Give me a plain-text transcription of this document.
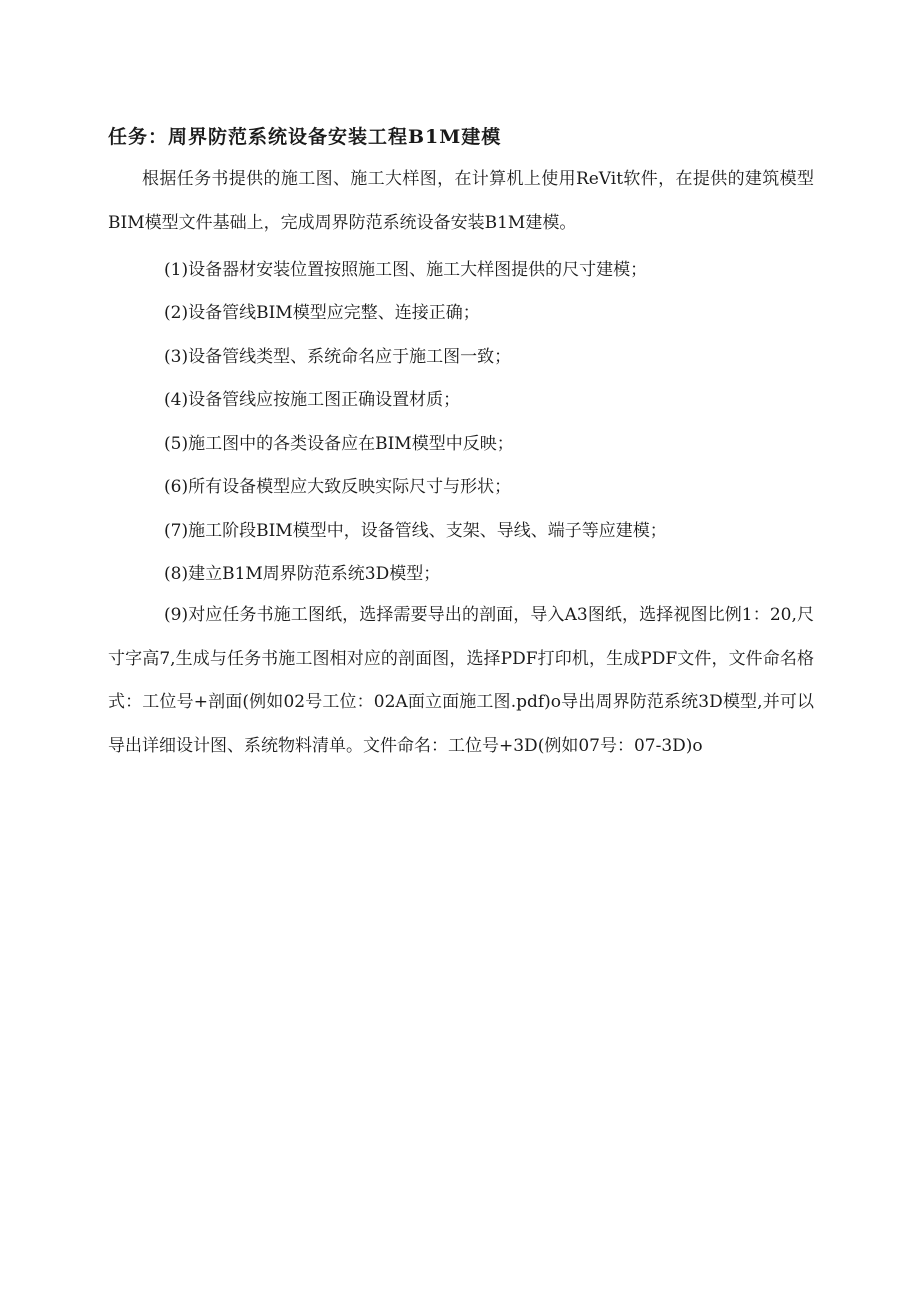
任务：周界防范系统设备安装工程B1M建模

根据任务书提供的施工图、施工大样图，在计算机上使用ReVit软件，在提供的建筑模型BIM模型文件基础上，完成周界防范系统设备安装B1M建模。

(1)设备器材安装位置按照施工图、施工大样图提供的尺寸建模；

(2)设备管线BIM模型应完整、连接正确；

(3)设备管线类型、系统命名应于施工图一致；

(4)设备管线应按施工图正确设置材质；

(5)施工图中的各类设备应在BIM模型中反映；

(6)所有设备模型应大致反映实际尺寸与形状；

(7)施工阶段BIM模型中，设备管线、支架、导线、端子等应建模；

(8)建立B1M周界防范系统3D模型；

(9)对应任务书施工图纸，选择需要导出的剖面，导入A3图纸，选择视图比例1：20,尺寸字高7,生成与任务书施工图相对应的剖面图，选择PDF打印机，生成PDF文件，文件命名格式：工位号+剖面(例如02号工位：02A面立面施工图.pdf)o导出周界防范系统3D模型,并可以导出详细设计图、系统物料清单。文件命名：工位号+3D(例如07号：07-3D)o
